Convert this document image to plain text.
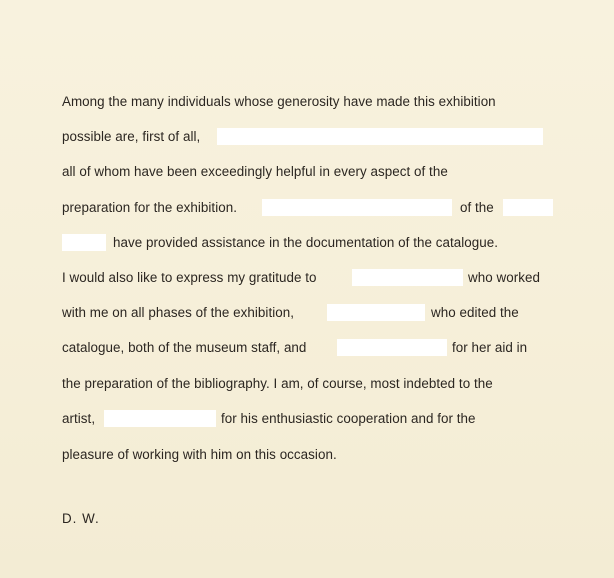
Among the many individuals whose generosity have made this exhibition
possible are, first of all,
all of whom have been exceedingly helpful in every aspect of the
preparation for the exhibition.	of the
have provided assistance in the documentation of the catalogue.
I would also like to express my gratitude to	who worked
with me on all phases of the exhibition,	who edited the
catalogue, both of the museum staff, and	for her aid in
the preparation of the bibliography. I am, of course, most indebted to the
artist,	for his enthusiastic cooperation and for the
pleasure of working with him on this occasion.
D. W.
